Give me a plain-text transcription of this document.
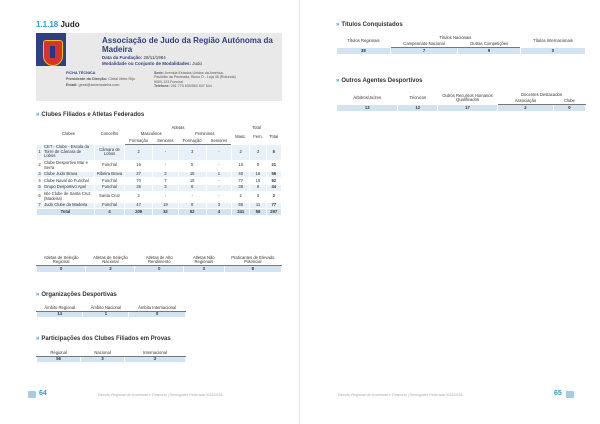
1.1.18 Judo
Associação de Judo da Região Autónoma da Madeira
Data da Fundação: 28/11/1984
Modalidade ou Conjunto de Modalidades: Judo
FICHA TÉCNICA
Presidente da Direção: Cidral Melo Rijo
Email: geral@arramadeira.com
Sede: Avenida Estados Unidos da América,
Pavilhão da Penteada, Bloco D - Loja 45 (Rotunda)
9000-123 Funchal
Telefone: 291 775 835/963 847 644
» Clubes Filiados e Atletas Federados
	Clubes	Concelho	Atletas				Total		
			Masculinos		Femininos		Masc.	Fem.	Total
			Formação	Seniores	Formação	Seniores			
1	CET - Clube - Escola da Torre de Câmara de Lobos	Câmara de Lobos	2	-	3	-	2	3	5
2	Clube Desportivo Mar e Serra	Funchal	16	-	5	-	16	5	21
3	Clube Judo Brava	Ribeira Brava	37	3	15	1	40	16	56
4	Clube Naval do Funchal	Funchal	70	7	15	-	77	15	92
5	Grupo Desportivo Apel	Funchal	35	3	6	-	38	6	44
6	Isle Clube de Santa Cruz (Madeira)	Santa Cruz	2	-	-	-	2	0	2
7	Judo Clube da Madeira	Funchal	47	19	8	3	66	11	77
Total		4	209	32	52	4	241	56	297
Atletas de Seleção Regional	Atletas de Seleção Nacional	Atletas de Alto Rendimento	Atletas Não Regionais	Praticantes de Elevado Potencial
0	3	0	3	8
» Organizações Desportivas
Âmbito Regional	Âmbito Nacional	Âmbito Internacional
14	1	0
» Participações dos Clubes Filiados em Provas
Regional	Nacional	Internacional
56	3	3
64	Direção Regional de Juventude e Desporto | Demografia Federada 2015/2016
» Títulos Conquistados
Títulos Regionais	Títulos Nacionais		Títulos Internacionais
	Campeonato Nacional	Outras Competições	
38	7	9	0
» Outros Agentes Desportivos
Árbitros/Juízes	Técnicos	Outros Recursos Humanos Qualificados	Docentes Destacados	
			Associação	Clube
13	12	17	2	0
Direção Regional de Juventude e Desporto | Demografia Federada 2015/2016	65
